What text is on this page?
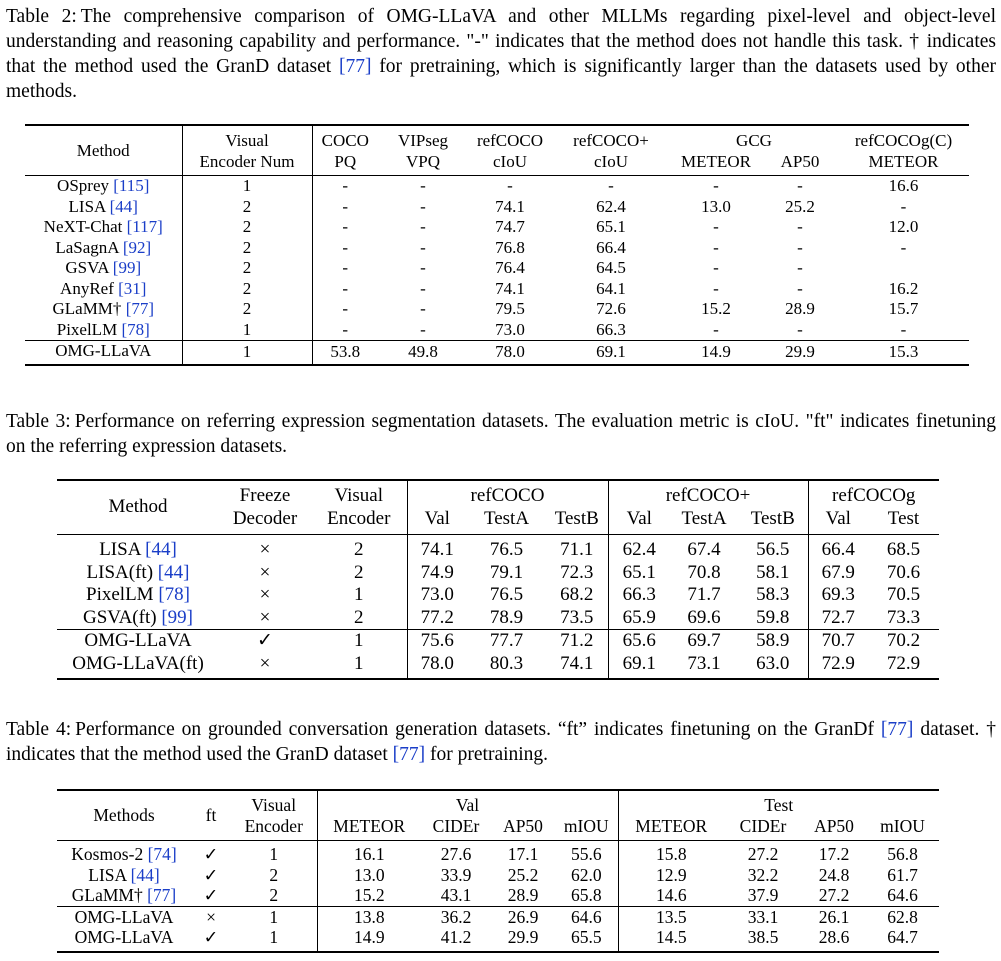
Table 2: The comprehensive comparison of OMG-LLaVA and other MLLMs regarding pixel-level and object-level understanding and reasoning capability and performance. "-" indicates that the method does not handle this task. † indicates that the method used the GranD dataset [77] for pretraining, which is significantly larger than the datasets used by other methods.
Method	Visual	COCO	VIPseg	refCOCO	refCOCO+	GCG		refCOCOg(C)
	Encoder Num	PQ	VPQ	cIoU	cIoU	METEOR	AP50	METEOR
OSprey [115]	1	-	-	-	-	-	-	16.6
LISA [44]	2	-	-	74.1	62.4	13.0	25.2	-
NeXT-Chat [117]	2	-	-	74.7	65.1	-	-	12.0
LaSagnA [92]	2	-	-	76.8	66.4	-	-	-
GSVA [99]	2	-	-	76.4	64.5	-	-	
AnyRef [31]	2	-	-	74.1	64.1	-	-	16.2
GLaMM† [77]	2	-	-	79.5	72.6	15.2	28.9	15.7
PixelLM [78]	1	-	-	73.0	66.3	-	-	-
OMG-LLaVA	1	53.8	49.8	78.0	69.1	14.9	29.9	15.3
Table 3: Performance on referring expression segmentation datasets. The evaluation metric is cIoU. "ft" indicates finetuning on the referring expression datasets.
Method	Freeze	Visual	refCOCO			refCOCO+			refCOCOg	
	Decoder	Encoder	Val	TestA	TestB	Val	TestA	TestB	Val	Test
LISA [44]	×	2	74.1	76.5	71.1	62.4	67.4	56.5	66.4	68.5
LISA(ft) [44]	×	2	74.9	79.1	72.3	65.1	70.8	58.1	67.9	70.6
PixelLM [78]	×	1	73.0	76.5	68.2	66.3	71.7	58.3	69.3	70.5
GSVA(ft) [99]	×	2	77.2	78.9	73.5	65.9	69.6	59.8	72.7	73.3
OMG-LLaVA	✓	1	75.6	77.7	71.2	65.6	69.7	58.9	70.7	70.2
OMG-LLaVA(ft)	×	1	78.0	80.3	74.1	69.1	73.1	63.0	72.9	72.9
Table 4: Performance on grounded conversation generation datasets. “ft” indicates finetuning on the GranDf [77] dataset. † indicates that the method used the GranD dataset [77] for pretraining.
Methods	ft	Visual	Val				Test			
		Encoder	METEOR	CIDEr	AP50	mIOU	METEOR	CIDEr	AP50	mIOU
Kosmos-2 [74]	✓	1	16.1	27.6	17.1	55.6	15.8	27.2	17.2	56.8
LISA [44]	✓	2	13.0	33.9	25.2	62.0	12.9	32.2	24.8	61.7
GLaMM† [77]	✓	2	15.2	43.1	28.9	65.8	14.6	37.9	27.2	64.6
OMG-LLaVA	×	1	13.8	36.2	26.9	64.6	13.5	33.1	26.1	62.8
OMG-LLaVA	✓	1	14.9	41.2	29.9	65.5	14.5	38.5	28.6	64.7
